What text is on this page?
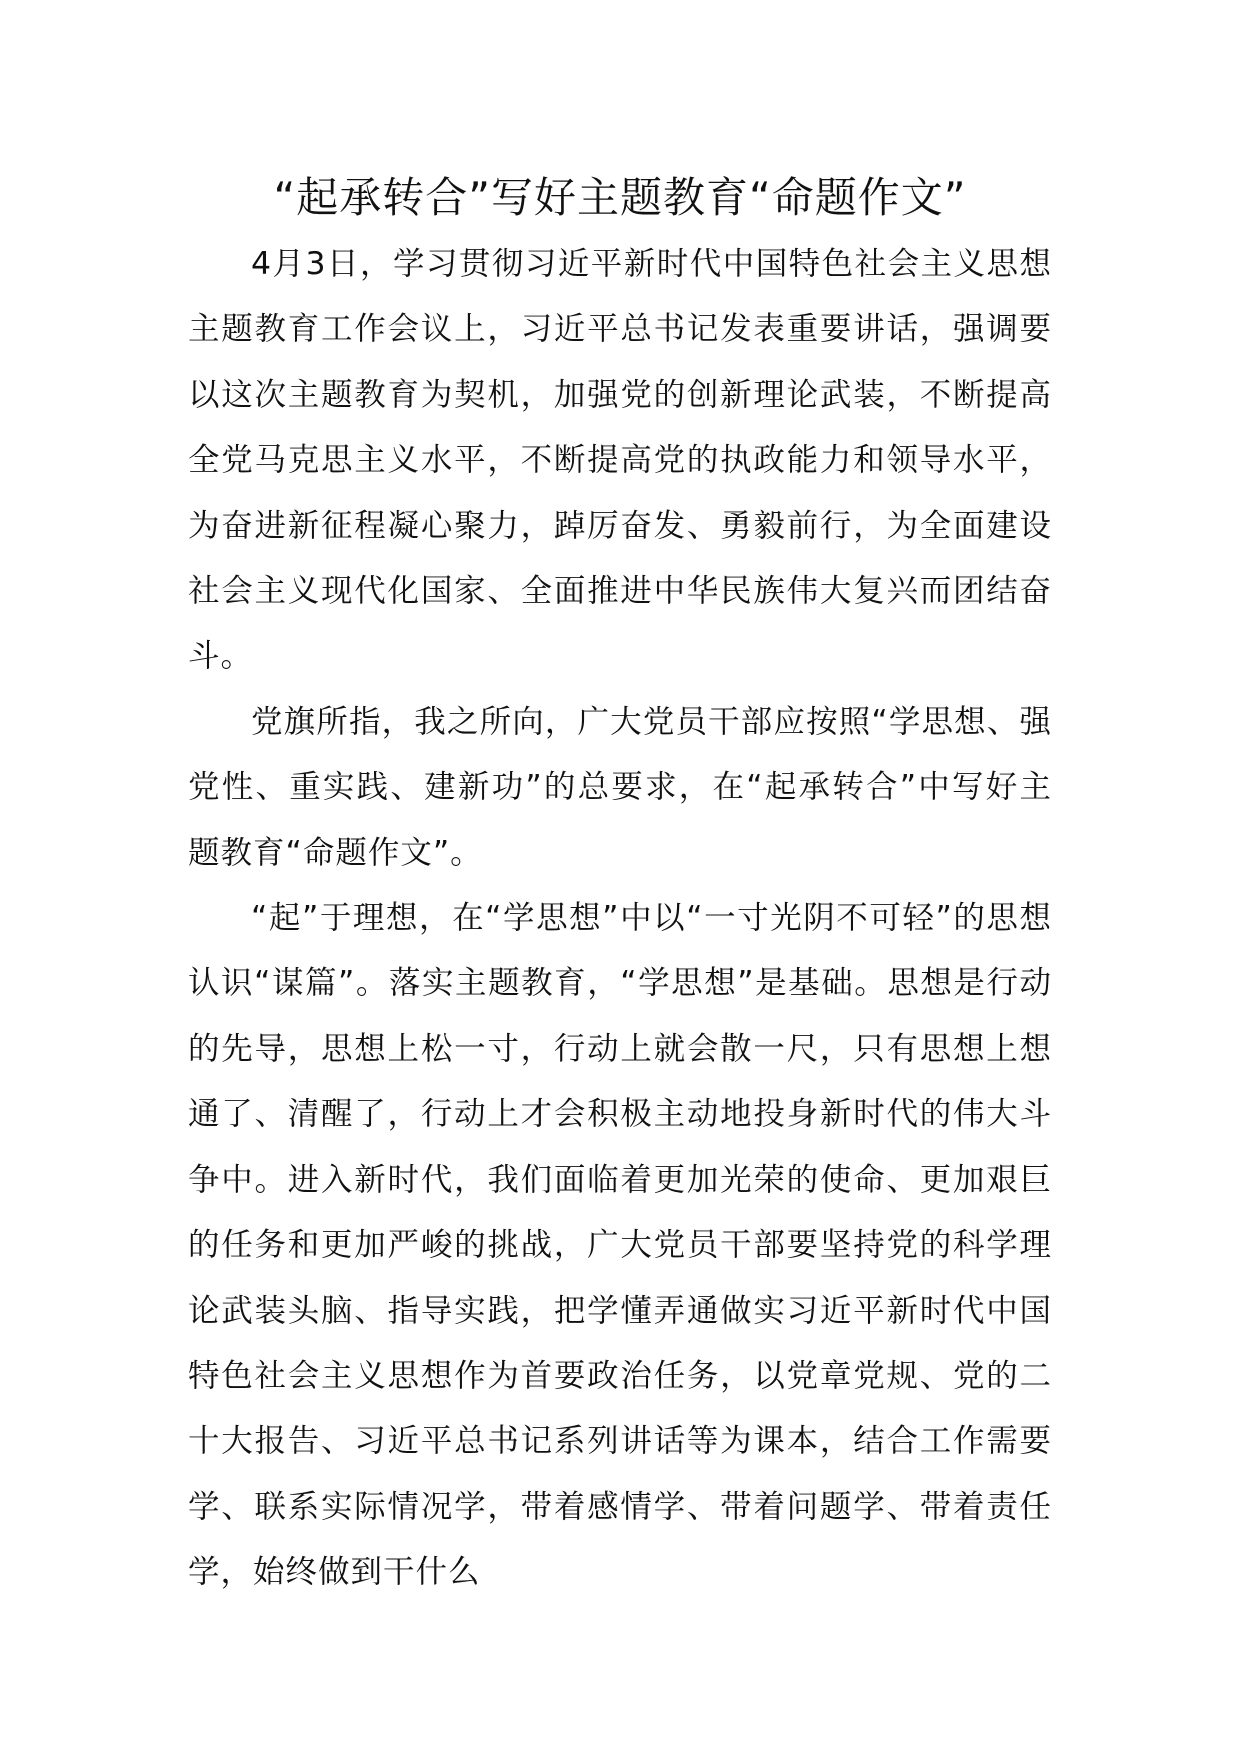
“起承转合”写好主题教育“命题作文”

4月3日，学习贯彻习近平新时代中国特色社会主义思想主题教育工作会议上，习近平总书记发表重要讲话，强调要以这次主题教育为契机，加强党的创新理论武装，不断提高全党马克思主义水平，不断提高党的执政能力和领导水平，为奋进新征程凝心聚力，踔厉奋发、勇毅前行，为全面建设社会主义现代化国家、全面推进中华民族伟大复兴而团结奋斗。

党旗所指，我之所向，广大党员干部应按照“学思想、强党性、重实践、建新功”的总要求，在“起承转合”中写好主题教育“命题作文”。

“起”于理想，在“学思想”中以“一寸光阴不可轻”的思想认识“谋篇”。落实主题教育，“学思想”是基础。思想是行动的先导，思想上松一寸，行动上就会散一尺，只有思想上想通了、清醒了，行动上才会积极主动地投身新时代的伟大斗争中。进入新时代，我们面临着更加光荣的使命、更加艰巨的任务和更加严峻的挑战，广大党员干部要坚持党的科学理论武装头脑、指导实践，把学懂弄通做实习近平新时代中国特色社会主义思想作为首要政治任务，以党章党规、党的二十大报告、习近平总书记系列讲话等为课本，结合工作需要学、联系实际情况学，带着感情学、带着问题学、带着责任学，始终做到干什么
